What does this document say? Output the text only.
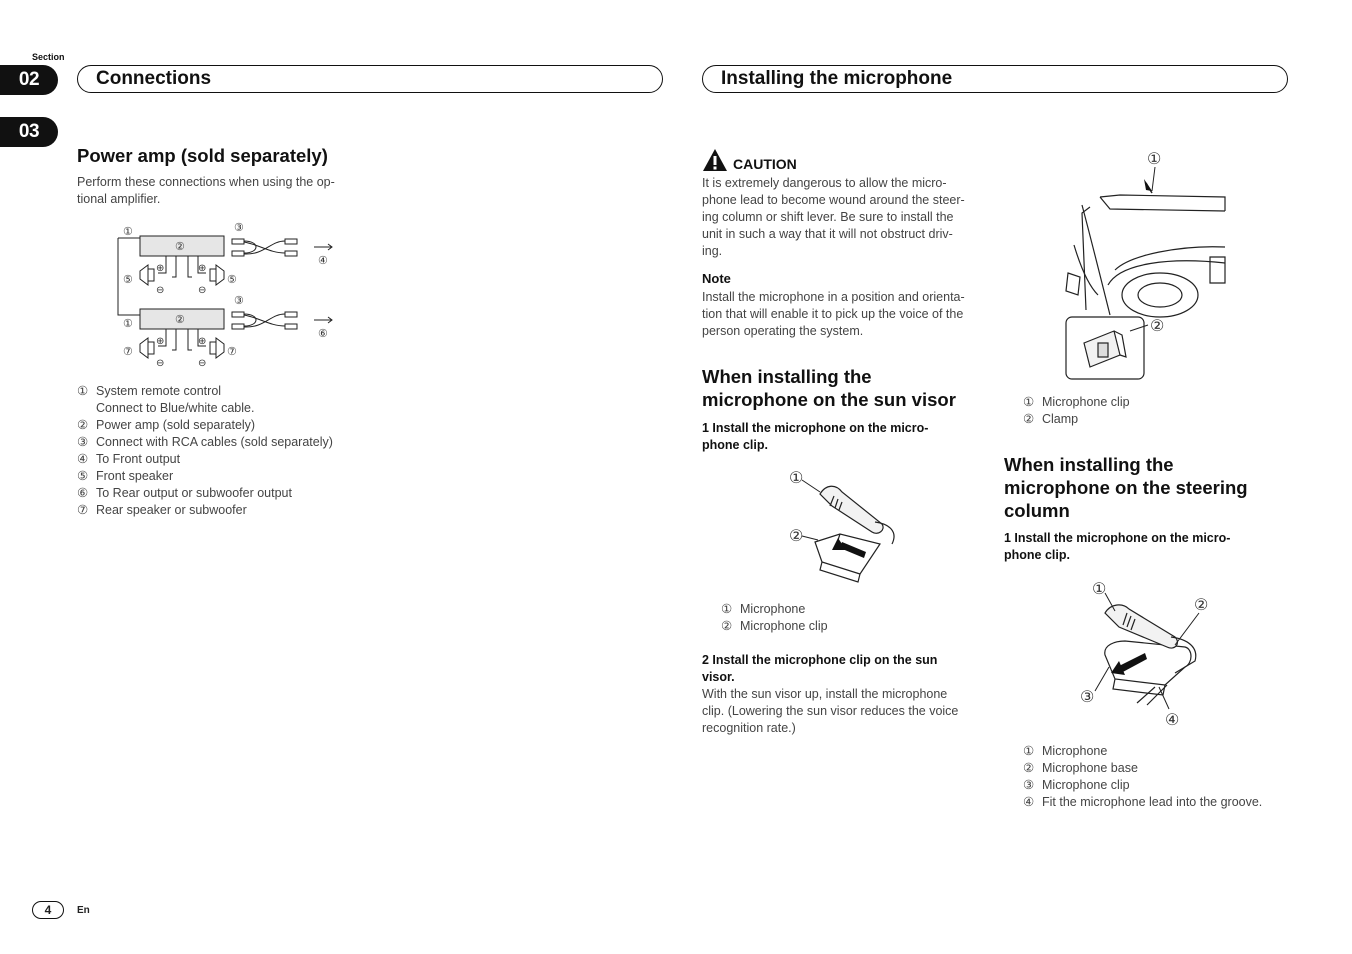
Section
02
03
Connections	Installing the microphone
Power amp (sold separately)
Perform these connections when using the op-
tional amplifier.
①
②
③
④
⑤	⑤
③
①	②
⑥
⑦	⑦
⊕	⊕
⊖	⊖
⊕	⊕
⊖	⊖
① System remote control
Connect to Blue/white cable.
② Power amp (sold separately)
③ Connect with RCA cables (sold separately)
④ To Front output
⑤ Front speaker
⑥ To Rear output or subwoofer output
⑦ Rear speaker or subwoofer
CAUTION
It is extremely dangerous to allow the micro-
phone lead to become wound around the steer-
ing column or shift lever. Be sure to install the
unit in such a way that it will not obstruct driv-
ing.
Note
Install the microphone in a position and orienta-
tion that will enable it to pick up the voice of the
person operating the system.
When installing the
microphone on the sun visor
1 Install the microphone on the micro-
phone clip.
①
②
① Microphone
② Microphone clip
2 Install the microphone clip on the sun
visor.
With the sun visor up, install the microphone
clip. (Lowering the sun visor reduces the voice
recognition rate.)
①
②
① Microphone clip
② Clamp
When installing the
microphone on the steering
column
1 Install the microphone on the micro-
phone clip.
①
②
③
④
① Microphone
② Microphone base
③ Microphone clip
④ Fit the microphone lead into the groove.
4	En
